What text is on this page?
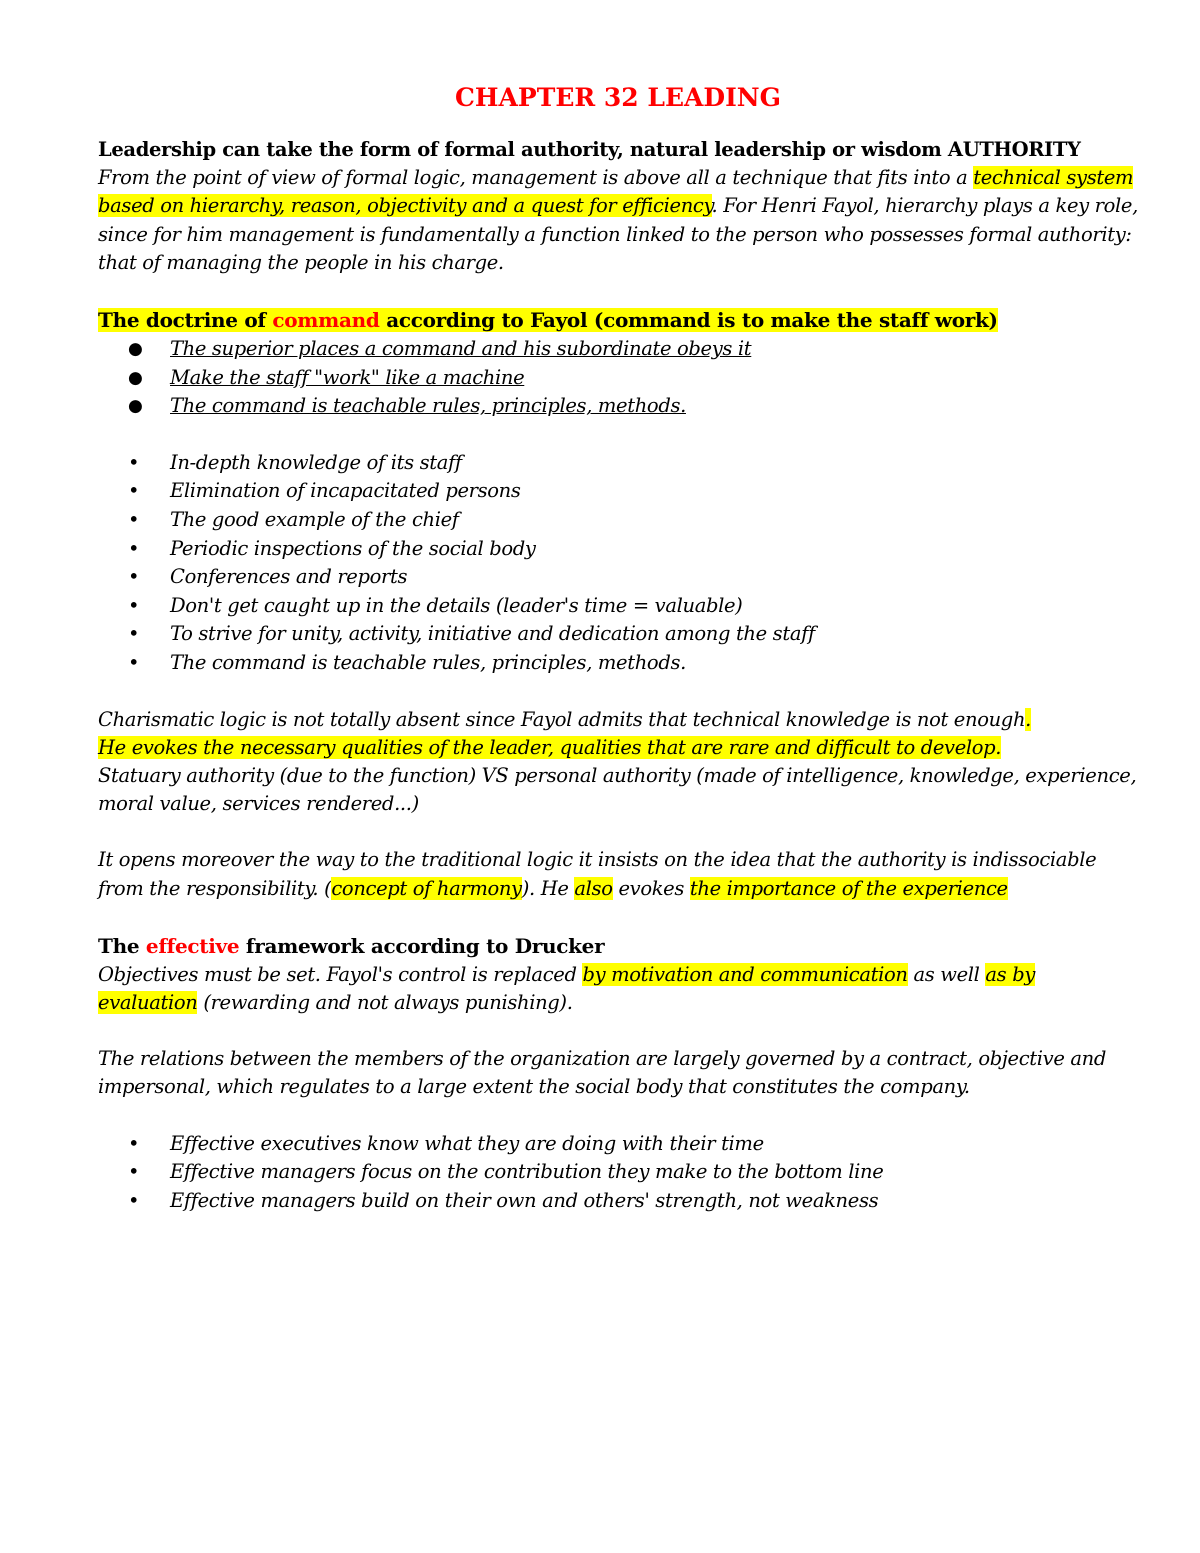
CHAPTER 32 LEADING

Leadership can take the form of formal authority, natural leadership or wisdom AUTHORITY

From the point of view of formal logic, management is above all a technique that fits into a technical system based on hierarchy, reason, objectivity and a quest for efficiency. For Henri Fayol, hierarchy plays a key role, since for him management is fundamentally a function linked to the person who possesses formal authority: that of managing the people in his charge.

The doctrine of command according to Fayol (command is to make the staff work)

● The superior places a command and his subordinate obeys it
● Make the staff "work" like a machine
● The command is teachable rules, principles, methods.
• In-depth knowledge of its staff
• Elimination of incapacitated persons
• The good example of the chief
• Periodic inspections of the social body
• Conferences and reports
• Don't get caught up in the details (leader's time = valuable)
• To strive for unity, activity, initiative and dedication among the staff
• The command is teachable rules, principles, methods.

Charismatic logic is not totally absent since Fayol admits that technical knowledge is not enough.
He evokes the necessary qualities of the leader, qualities that are rare and difficult to develop.
Statuary authority (due to the function) VS personal authority (made of intelligence, knowledge, experience, moral value, services rendered...)

It opens moreover the way to the traditional logic it insists on the idea that the authority is indissociable from the responsibility. (concept of harmony). He also evokes the importance of the experience

The effective framework according to Drucker

Objectives must be set. Fayol's control is replaced by motivation and communication as well as by evaluation (rewarding and not always punishing).

The relations between the members of the organization are largely governed by a contract, objective and impersonal, which regulates to a large extent the social body that constitutes the company.

• Effective executives know what they are doing with their time
• Effective managers focus on the contribution they make to the bottom line
• Effective managers build on their own and others' strength, not weakness
